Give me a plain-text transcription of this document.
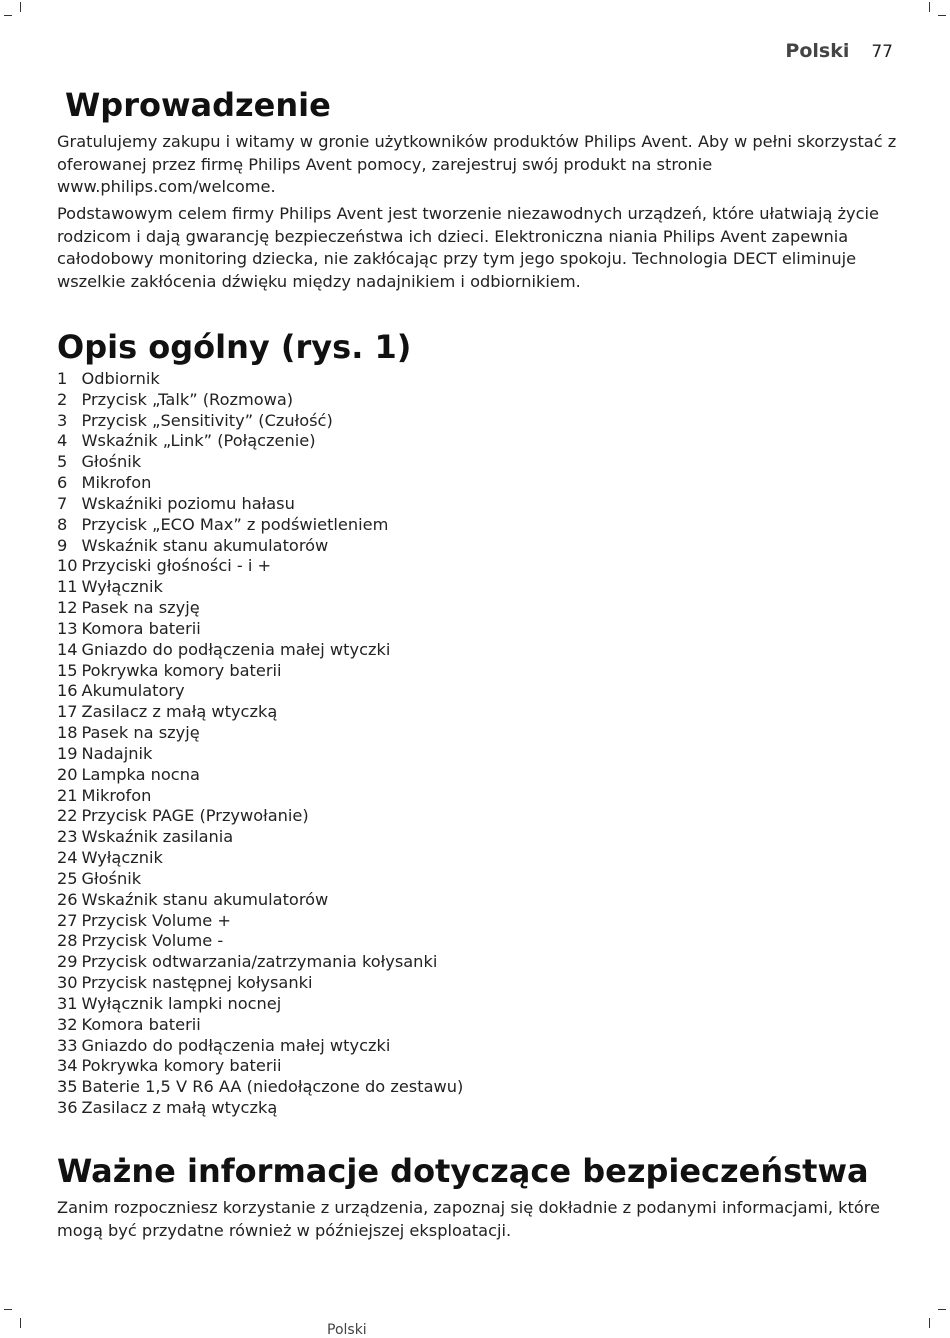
Polski 77
Wprowadzenie

Gratulujemy zakupu i witamy w gronie użytkowników produktów Philips Avent. Aby w pełni skorzystać z oferowanej przez firmę Philips Avent pomocy, zarejestruj swój produkt na stronie www.philips.com/welcome.

Podstawowym celem firmy Philips Avent jest tworzenie niezawodnych urządzeń, które ułatwiają życie rodzicom i dają gwarancję bezpieczeństwa ich dzieci. Elektroniczna niania Philips Avent zapewnia całodobowy monitoring dziecka, nie zakłócając przy tym jego spokoju. Technologia DECT eliminuje wszelkie zakłócenia dźwięku między nadajnikiem i odbiornikiem.

Opis ogólny (rys. 1)
1 Odbiornik
2 Przycisk „Talk” (Rozmowa)
3 Przycisk „Sensitivity” (Czułość)
4 Wskaźnik „Link” (Połączenie)
5 Głośnik
6 Mikrofon
7 Wskaźniki poziomu hałasu
8 Przycisk „ECO Max” z podświetleniem
9 Wskaźnik stanu akumulatorów
10 Przyciski głośności - i +
11 Wyłącznik
12 Pasek na szyję
13 Komora baterii
14 Gniazdo do podłączenia małej wtyczki
15 Pokrywka komory baterii
16 Akumulatory
17 Zasilacz z małą wtyczką
18 Pasek na szyję
19 Nadajnik
20 Lampka nocna
21 Mikrofon
22 Przycisk PAGE (Przywołanie)
23 Wskaźnik zasilania
24 Wyłącznik
25 Głośnik
26 Wskaźnik stanu akumulatorów
27 Przycisk Volume +
28 Przycisk Volume -
29 Przycisk odtwarzania/zatrzymania kołysanki
30 Przycisk następnej kołysanki
31 Wyłącznik lampki nocnej
32 Komora baterii
33 Gniazdo do podłączenia małej wtyczki
34 Pokrywka komory baterii
35 Baterie 1,5 V R6 AA (niedołączone do zestawu)
36 Zasilacz z małą wtyczką
Ważne informacje dotyczące bezpieczeństwa

Zanim rozpoczniesz korzystanie z urządzenia, zapoznaj się dokładnie z podanymi informacjami, które mogą być przydatne również w późniejszej eksploatacji.

Polski
